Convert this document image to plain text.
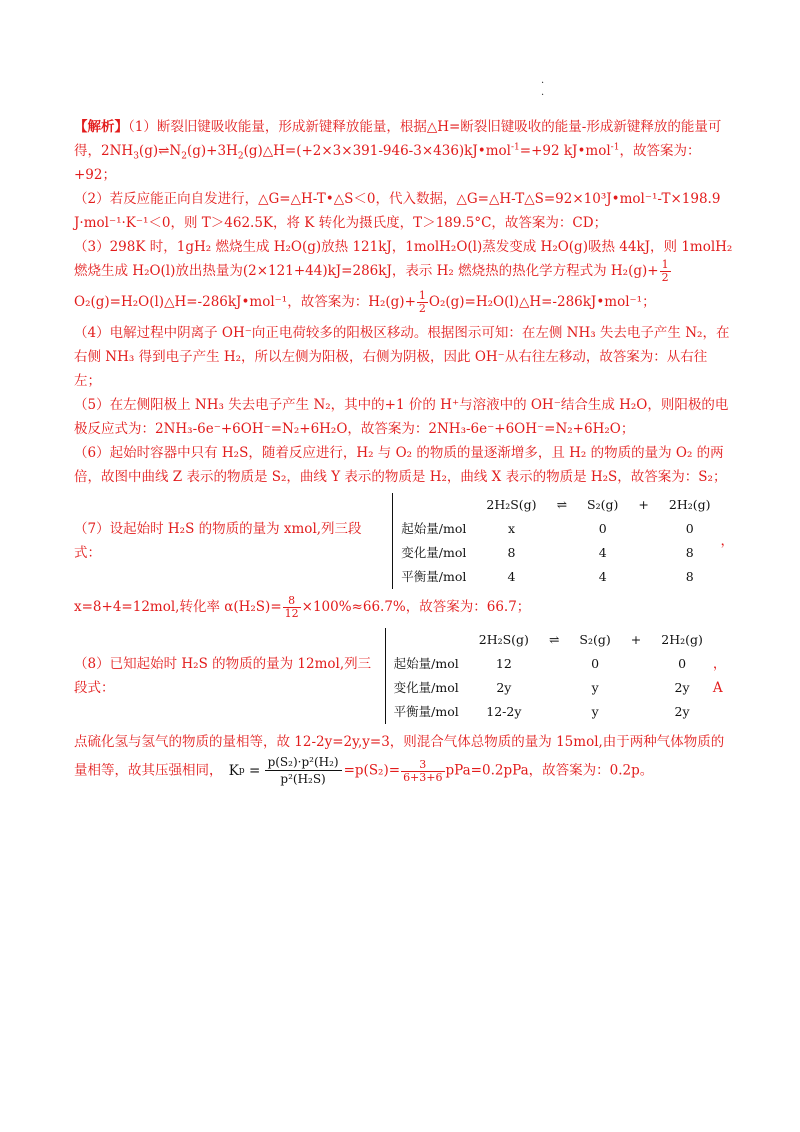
· ·

【解析】（1）断裂旧键吸收能量，形成新键释放能量，根据△H=断裂旧键吸收的能量-形成新键释放的能量可得，$2NH_3(g)\rightleftharpoons N_2(g)+3H_2(g)\triangle H=(+2\times 3\times 391-946-3\times 436)kJ•mol^{-1}=+92$ kJ•mol$^{-1}$，故答案为：+92；

（2）若反应能正向自发进行，△G=△H-T•△S＜0，代入数据，△G=△H-T△S=92×10³J•mol⁻¹-T×198.9 J·mol⁻¹·K⁻¹＜0，则 T＞462.5K，将 K 转化为摄氏度，T＞189.5°C，故答案为：CD；

（3）298K 时，1gH₂ 燃烧生成 H₂O(g)放热 121kJ，1molH₂O(l)蒸发变成 H₂O(g)吸热 44kJ，则 1molH₂ 燃烧生成 H₂O(l)放出热量为(2×121+44)kJ=286kJ，表示 H₂ 燃烧热的热化学方程式为 $H_2(g)+ \frac{1}{2}$

O₂(g)=H₂O(l)△H=-286kJ•mol⁻¹，故答案为：$H_2(g)+ \frac{1}{2}$ O₂(g)=H₂O(l)△H=-286kJ•mol⁻¹；

（4）电解过程中阴离子 OH⁻向正电荷较多的阳极区移动。根据图示可知：在左侧 NH₃ 失去电子产生 N₂，在右侧 NH₃ 得到电子产生 H₂，所以左侧为阳极，右侧为阴极，因此 OH⁻从右往左移动，故答案为：从右往左；

（5）在左侧阳极上 NH₃ 失去电子产生 N₂，其中的+1 价的 H⁺与溶液中的 OH⁻结合生成 H₂O，则阳极的电极反应式为：2NH₃-6e⁻+6OH⁻=N₂+6H₂O，故答案为：2NH₃-6e⁻+6OH⁻=N₂+6H₂O；

（6）起始时容器中只有 H₂S，随着反应进行，H₂ 与 O₂ 的物质的量逐渐增多，且 H₂ 的物质的量为 O₂ 的两倍，故图中曲线 Z 表示的物质是 S₂，曲线 Y 表示的物质是 H₂，曲线 X 表示的物质是 H₂S，故答案为：S₂；

（7）设起始时 H₂S 的物质的量为 xmol,列三段式：
	2H₂S(g)	⇌	S₂(g)	+	2H₂(g)
起始量/mol	x		0		0
变化量/mol	8		4		8
平衡量/mol	4		4		8
，

x=8+4=12mol,转化率 $\alpha(H_2S)= \frac{8}{12} \times 100\%\approx 66.7\%$，故答案为：66.7；

（8）已知起始时 H₂S 的物质的量为 12mol,列三段式：
	2H₂S(g)	⇌	S₂(g)	+	2H₂(g)
起始量/mol	12		0		0
变化量/mol	2y		y		2y
平衡量/mol	12-2y		y		2y
，A

点硫化氢与氢气的物质的量相等，故 12-2y=2y,y=3，则混合气体总物质的量为 15mol,由于两种气体物质的量相等，故其压强相同， K p =
p(S₂)·p²(H₂)
p²(H₂S)
$=p(S_2)= \frac{3}{6+3+6} pPa=0.2pPa$，故答案为：0.2p。
